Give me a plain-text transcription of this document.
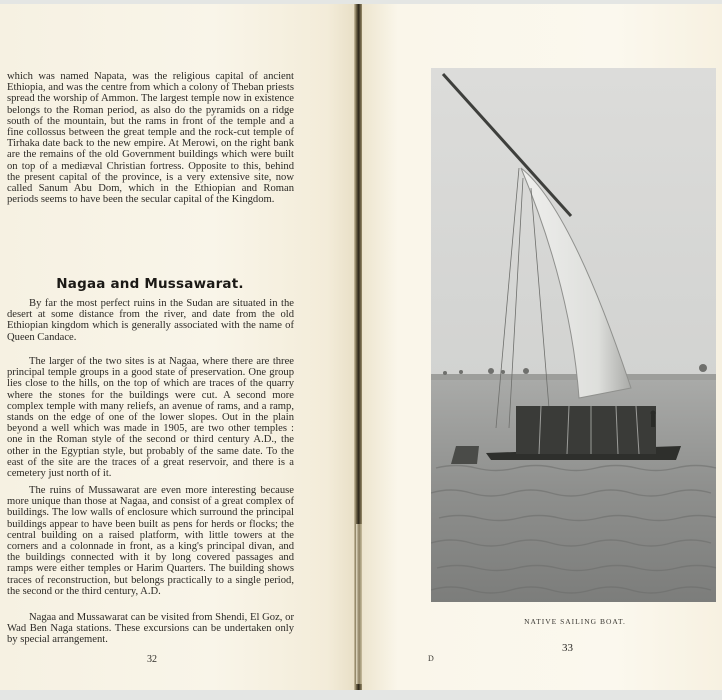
which was named Napata, was the religious capital of ancient Ethiopia, and was the centre from which a colony of Theban priests spread the worship of Ammon. The largest temple now in existence belongs to the Roman period, as also do the pyramids on a ridge south of the mountain, but the rams in front of the temple and a fine collossus between the great temple and the rock-cut temple of Tirhaka date back to the new empire. At Merowi, on the right bank are the remains of the old Government buildings which were built on top of a mediæval Christian fortress. Opposite to this, behind the present capital of the province, is a very extensive site, now called Sanum Abu Dom, which in the Ethiopian and Roman periods seems to have been the secular capital of the Kingdom.

Nagaa and Mussawarat.

By far the most perfect ruins in the Sudan are situated in the desert at some distance from the river, and date from the old Ethiopian kingdom which is generally associated with the name of Queen Candace.

The larger of the two sites is at Nagaa, where there are three principal temple groups in a good state of preservation. One group lies close to the hills, on the top of which are traces of the quarry where the stones for the buildings were cut. A second more complex temple with many reliefs, an avenue of rams, and a ramp, stands on the edge of one of the lower slopes. Out in the plain beyond a well which was made in 1905, are two other temples : one in the Roman style of the second or third century A.D., the other in the Egyptian style, but probably of the same date. To the east of the site are the traces of a great reservoir, and there is a cemetery just north of it.

The ruins of Mussawarat are even more interesting because more unique than those at Nagaa, and consist of a great complex of buildings. The low walls of enclosure which surround the principal buildings appear to have been built as pens for herds or flocks; the central building on a raised platform, with little towers at the corners and a colonnade in front, as a king's principal divan, and the buildings connected with it by long covered passages and ramps were either temples or Harim Quarters. The building shows traces of reconstruction, but belongs practically to a single period, the second or the third century, A.D.

Nagaa and Mussawarat can be visited from Shendi, El Goz, or Wad Ben Naga stations. These excursions can be undertaken only by special arrangement.

32
NATIVE SAILING BOAT.
D
33
